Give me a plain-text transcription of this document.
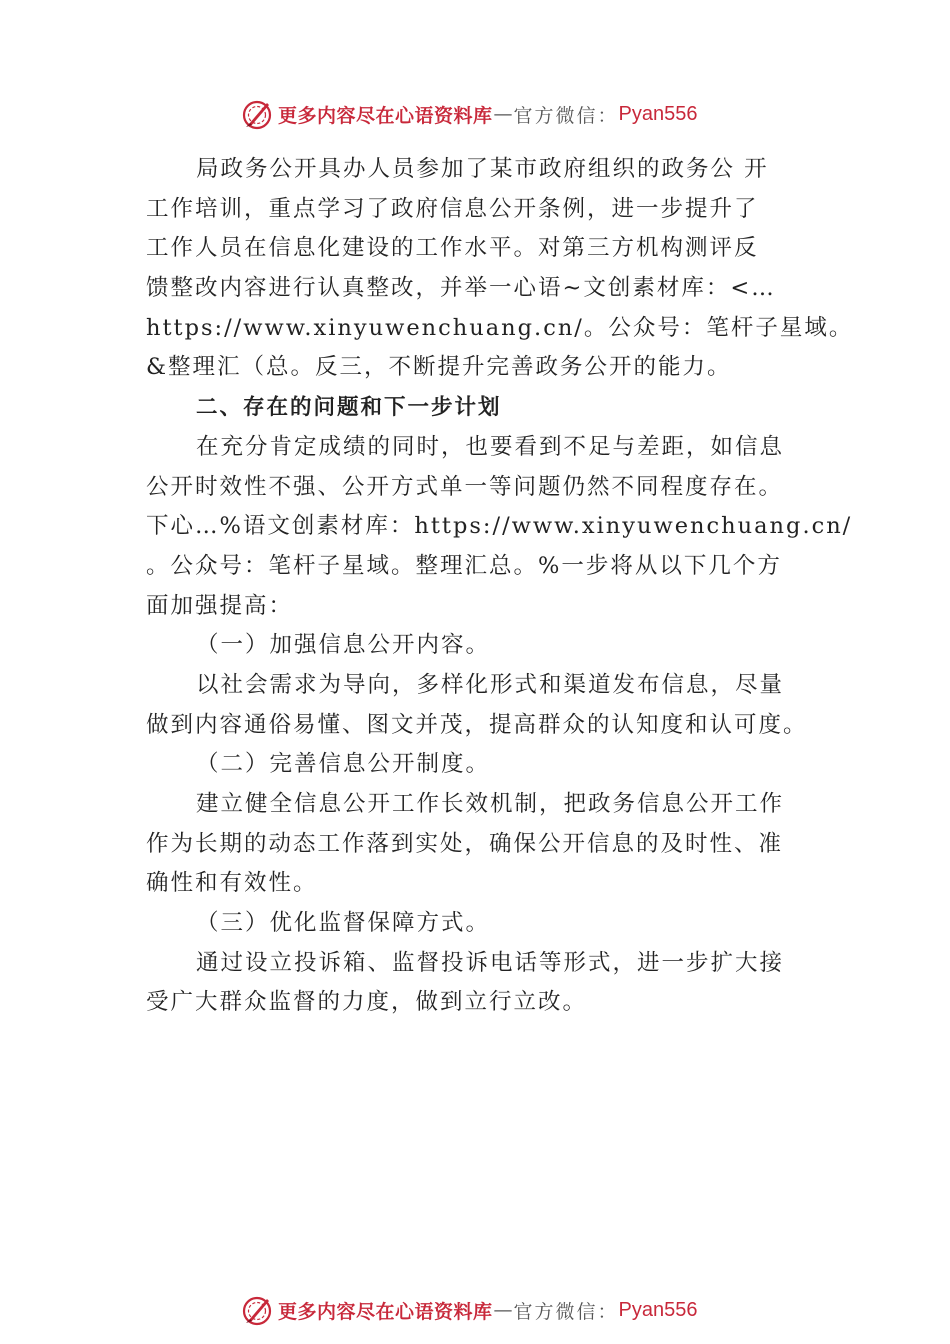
更多内容尽在心语资料库 — 官方微信： Pyan556
局政务公开具办人员参加了某市政府组织的政务公 开
工作培训，重点学习了政府信息公开条例，进一步提升了
工作人员在信息化建设的工作水平。对第三方机构测评反
馈整改内容进行认真整改，并举一心语~文创素材库：<…
https://www.xinyuwenchuang.cn/。公众号：笔杆子星域。
&整理汇（总。反三，不断提升完善政务公开的能力。
二、存在的问题和下一步计划
在充分肯定成绩的同时，也要看到不足与差距，如信息
公开时效性不强、公开方式单一等问题仍然不同程度存在。
下心…%语文创素材库：https://www.xinyuwenchuang.cn/
。公众号：笔杆子星域。整理汇总。%一步将从以下几个方
面加强提高：
（一）加强信息公开内容。
以社会需求为导向，多样化形式和渠道发布信息，尽量
做到内容通俗易懂、图文并茂，提高群众的认知度和认可度。
（二）完善信息公开制度。
建立健全信息公开工作长效机制，把政务信息公开工作
作为长期的动态工作落到实处，确保公开信息的及时性、准
确性和有效性。
（三）优化监督保障方式。
通过设立投诉箱、监督投诉电话等形式，进一步扩大接
受广大群众监督的力度，做到立行立改。
更多内容尽在心语资料库 — 官方微信： Pyan556
